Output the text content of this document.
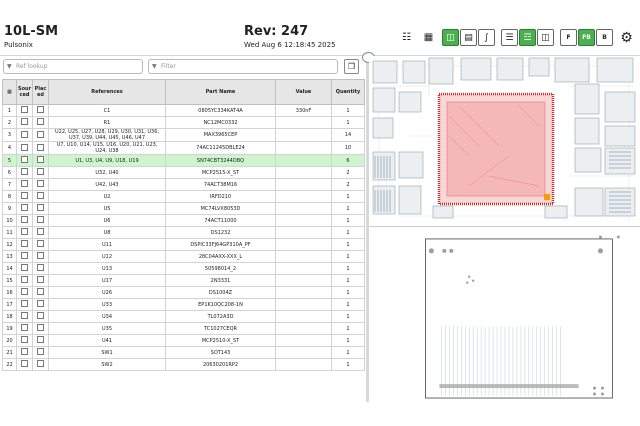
10L-SM
Pulsonix
Rev: 247
Wed Aug 6 12:18:45 2025
☷ ▦ ◫ ▤ ∫ ☰ ☲ ◫	F	FB	B ⚙
▼ Ref lookup	▼ Filter	❐
▦	Sour ced	Plac ed	References	Part Name	Value	Quantity
1			C1	0805YC334KAT4A	330nF	1
2			R1	NC12MC0332		1
3			U22, U25, U27, U28, U29, U30, U31, U36, U37, U39, U44, U45, U46, U47	MAX3965CEP		14
4			U7, U10, U14, U15, U16, U20, U21, U23, U24, U38	74AC11245DBLE24		10
5			U1, U3, U4, U9, U18, U19	SN74CBT3244DBQ		6
6			U32, U40	MCP2515-X_ST		2
7			U42, U43	74ACT38M16		2
8			U2	IRFD210		1
9			U5	MC74LVX8053D		1
10			U6	74ACT11000		1
11			U8	DS1232		1
12			U11	DSPIC33FJ64GP310A_PF		1
13			U12	28C04AXX-XXX_L		1
14			U13	50598014_2		1
15			U17	2N3331		1
16			U26	DS1004Z		1
17			U33	EP1K10QC208-1N		1
18			U34	TL072A3D		1
19			U35	TC1027CEQR		1
20			U41	MCP2510-X_ST		1
21			SW1	SOT143		1
22			SW2	20630201RP2		1
